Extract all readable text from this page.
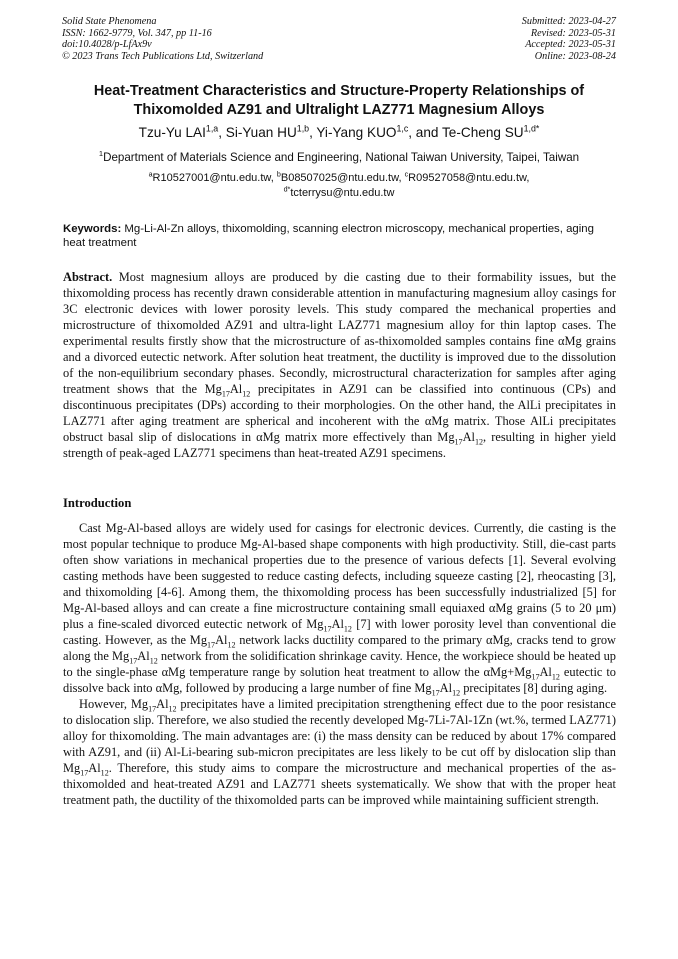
Solid State Phenomena
ISSN: 1662-9779, Vol. 347, pp 11-16
doi:10.4028/p-LfAx9v
© 2023 Trans Tech Publications Ltd, Switzerland
Submitted: 2023-04-27
Revised: 2023-05-31
Accepted: 2023-05-31
Online: 2023-08-24
Heat-Treatment Characteristics and Structure-Property Relationships of
Thixomolded AZ91 and Ultralight LAZ771 Magnesium Alloys
Tzu-Yu LAI$^{1,a}$, Si-Yuan HU$^{1,b}$, Yi-Yang KUO$^{1,c}$, and Te-Cheng $SU^{1,d*}$
$^1$Department of Materials Science and Engineering, National Taiwan University, Taipei, Taiwan
$^a$R10527001@ntu.edu.tw, $^b$B08507025@ntu.edu.tw, $^c$R09527058@ntu.edu.tw,
$^{d*}$tcterrysu@ntu.edu.tw
Keywords: Mg-Li-Al-Zn alloys, thixomolding, scanning electron microscopy, mechanical properties, aging heat treatment
Abstract. Most magnesium alloys are produced by die casting due to their formability issues, but the thixomolding process has recently drawn considerable attention in manufacturing magnesium alloy casings for 3C electronic devices with lower porosity levels. This study compared the mechanical properties and microstructure of thixomolded AZ91 and ultra-light LAZ771 magnesium alloy for thin laptop cases. The experimental results firstly show that the microstructure of as-thixomolded samples contains fine αMg grains and a divorced eutectic network. After solution heat treatment, the ductility is improved due to the dissolution of the non-equilibrium secondary phases. Secondly, microstructural characterization for samples after aging treatment shows that the $Mg_{17}Al_{12}$ precipitates in AZ91 can be classified into continuous (CPs) and discontinuous precipitates (DPs) according to their morphologies. On the other hand, the AlLi precipitates in LAZ771 after aging treatment are spherical and incoherent with the αMg matrix. Those AlLi precipitates obstruct basal slip of dislocations in αMg matrix more effectively than $Mg_{17}Al_{12}$, resulting in higher yield strength of peak-aged LAZ771 specimens than heat-treated AZ91 specimens.
Introduction

Cast Mg-Al-based alloys are widely used for casings for electronic devices. Currently, die casting is the most popular technique to produce Mg-Al-based shape components with high productivity. Still, die-cast parts often show variations in mechanical properties due to the presence of various defects [1]. Several evolving casting methods have been suggested to reduce casting defects, including squeeze casting [2], rheocasting [3], and thixomolding [4-6]. Among them, the thixomolding process has been successfully industrialized [5] for Mg-Al-based alloys and can create a fine microstructure containing small equiaxed αMg grains (5 to 20 μm) plus a fine-scaled divorced eutectic network of $Mg_{17}Al_{12}$ [7] with lower porosity level than conventional die casting. However, as the $Mg_{17}Al_{12}$ network lacks ductility compared to the primary αMg, cracks tend to grow along the $Mg_{17}Al_{12}$ network from the solidification shrinkage cavity. Hence, the workpiece should be heated up to the single-phase αMg temperature range by solution heat treatment to allow the $\alpha Mg+Mg_{17}Al_{12}$ eutectic to dissolve back into αMg, followed by producing a large number of fine $Mg_{17}Al_{12}$ precipitates [8] during aging.

However, $Mg_{17}Al_{12}$ precipitates have a limited precipitation strengthening effect due to the poor resistance to dislocation slip. Therefore, we also studied the recently developed Mg-7Li-7Al-1Zn (wt.%, termed LAZ771) alloy for thixomolding. The main advantages are: (i) the mass density can be reduced by about 17% compared with AZ91, and (ii) Al-Li-bearing sub-micron precipitates are less likely to be cut off by dislocation slip than $Mg_{17}Al_{12}$. Therefore, this study aims to compare the microstructure and mechanical properties of the as-thixomolded and heat-treated AZ91 and LAZ771 sheets systematically. We show that with the proper heat treatment path, the ductility of the thixomolded parts can be improved while maintaining sufficient strength.
